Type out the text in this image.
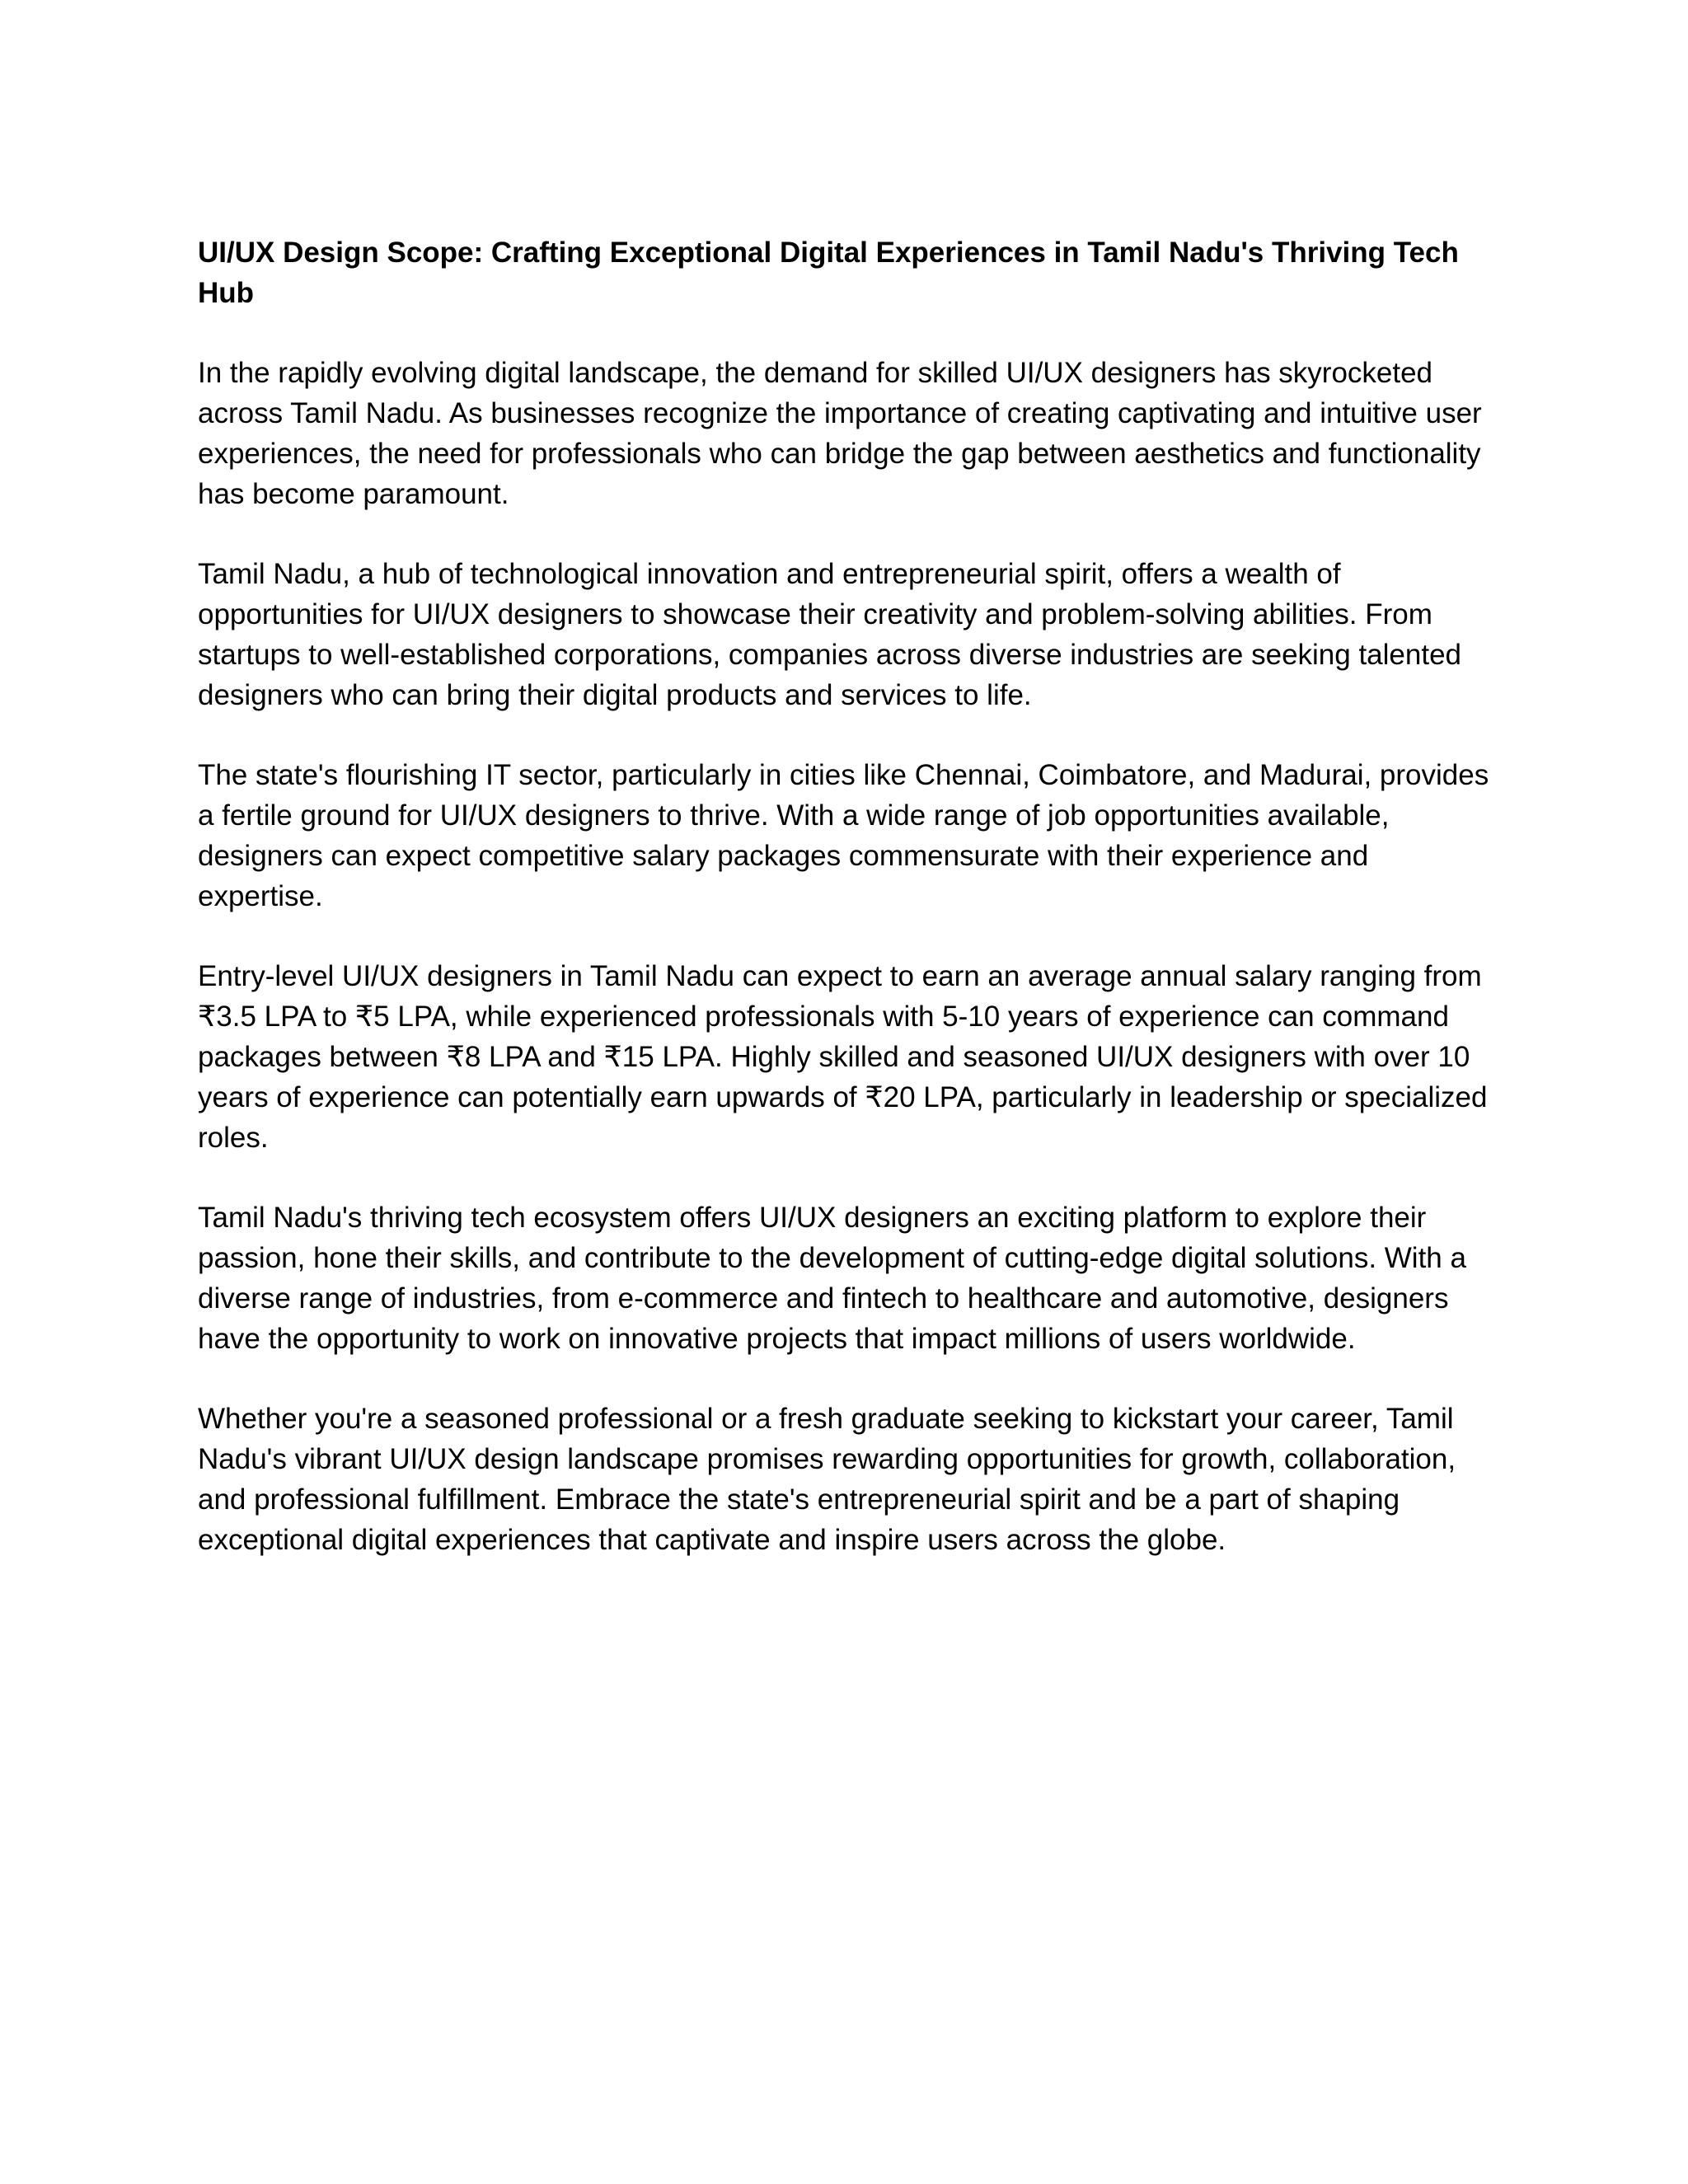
UI/UX Design Scope: Crafting Exceptional Digital Experiences in Tamil Nadu's Thriving Tech Hub

In the rapidly evolving digital landscape, the demand for skilled UI/UX designers has skyrocketed across Tamil Nadu. As businesses recognize the importance of creating captivating and intuitive user experiences, the need for professionals who can bridge the gap between aesthetics and functionality has become paramount.

Tamil Nadu, a hub of technological innovation and entrepreneurial spirit, offers a wealth of opportunities for UI/UX designers to showcase their creativity and problem-solving abilities. From startups to well-established corporations, companies across diverse industries are seeking talented designers who can bring their digital products and services to life.

The state's flourishing IT sector, particularly in cities like Chennai, Coimbatore, and Madurai, provides a fertile ground for UI/UX designers to thrive. With a wide range of job opportunities available, designers can expect competitive salary packages commensurate with their experience and expertise.

Entry-level UI/UX designers in Tamil Nadu can expect to earn an average annual salary ranging from ₹3.5 LPA to ₹5 LPA, while experienced professionals with 5-10 years of experience can command packages between ₹8 LPA and ₹15 LPA. Highly skilled and seasoned UI/UX designers with over 10 years of experience can potentially earn upwards of ₹20 LPA, particularly in leadership or specialized roles.

Tamil Nadu's thriving tech ecosystem offers UI/UX designers an exciting platform to explore their passion, hone their skills, and contribute to the development of cutting-edge digital solutions. With a diverse range of industries, from e-commerce and fintech to healthcare and automotive, designers have the opportunity to work on innovative projects that impact millions of users worldwide.

Whether you're a seasoned professional or a fresh graduate seeking to kickstart your career, Tamil Nadu's vibrant UI/UX design landscape promises rewarding opportunities for growth, collaboration, and professional fulfillment. Embrace the state's entrepreneurial spirit and be a part of shaping exceptional digital experiences that captivate and inspire users across the globe.
